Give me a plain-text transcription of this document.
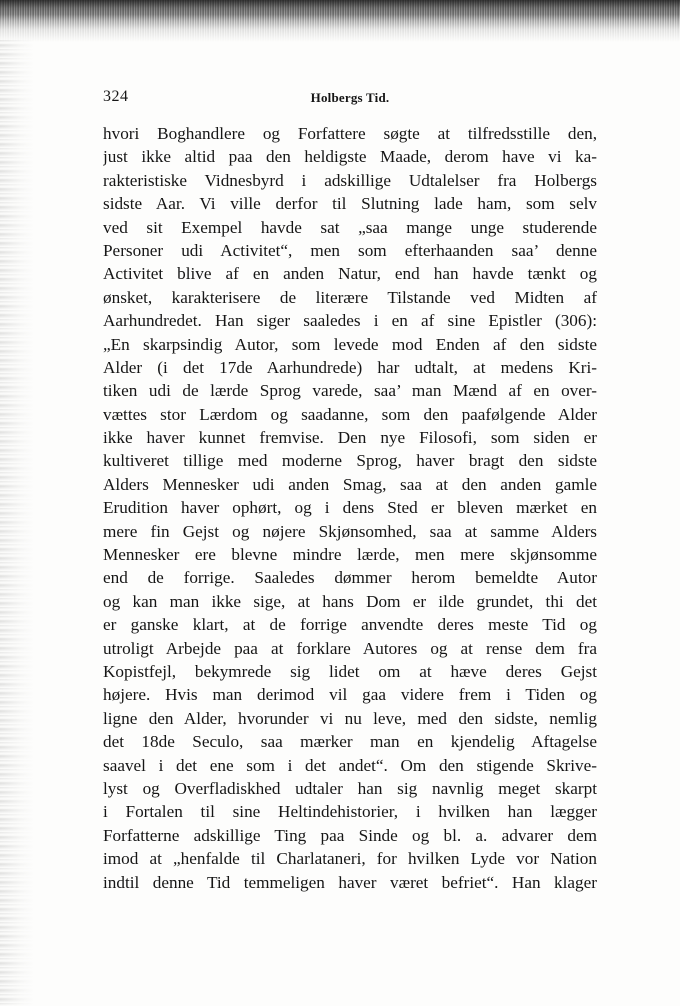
324	Holbergs Tid.
hvori Boghandlere og Forfattere søgte at tilfredsstille den,
just ikke altid paa den heldigste Maade, derom have vi ka-
rakteristiske Vidnesbyrd i adskillige Udtalelser fra Holbergs
sidste Aar. Vi ville derfor til Slutning lade ham, som selv
ved sit Exempel havde sat „saa mange unge studerende
Personer udi Activitet“, men som efterhaanden saa’ denne
Activitet blive af en anden Natur, end han havde tænkt og
ønsket, karakterisere de literære Tilstande ved Midten af
Aarhundredet. Han siger saaledes i en af sine Epistler (306):
„En skarpsindig Autor, som levede mod Enden af den sidste
Alder (i det 17de Aarhundrede) har udtalt, at medens Kri-
tiken udi de lærde Sprog varede, saa’ man Mænd af en over-
vættes stor Lærdom og saadanne, som den paafølgende Alder
ikke haver kunnet fremvise. Den nye Filosofi, som siden er
kultiveret tillige med moderne Sprog, haver bragt den sidste
Alders Mennesker udi anden Smag, saa at den anden gamle
Erudition haver ophørt, og i dens Sted er bleven mærket en
mere fin Gejst og nøjere Skjønsomhed, saa at samme Alders
Mennesker ere blevne mindre lærde, men mere skjønsomme
end de forrige. Saaledes dømmer herom bemeldte Autor
og kan man ikke sige, at hans Dom er ilde grundet, thi det
er ganske klart, at de forrige anvendte deres meste Tid og
utroligt Arbejde paa at forklare Autores og at rense dem fra
Kopistfejl, bekymrede sig lidet om at hæve deres Gejst
højere. Hvis man derimod vil gaa videre frem i Tiden og
ligne den Alder, hvorunder vi nu leve, med den sidste, nemlig
det 18de Seculo, saa mærker man en kjendelig Aftagelse
saavel i det ene som i det andet“. Om den stigende Skrive-
lyst og Overfladiskhed udtaler han sig navnlig meget skarpt
i Fortalen til sine Heltindehistorier, i hvilken han lægger
Forfatterne adskillige Ting paa Sinde og bl. a. advarer dem
imod at „henfalde til Charlataneri, for hvilken Lyde vor Nation
indtil denne Tid temmeligen haver været befriet“. Han klager
